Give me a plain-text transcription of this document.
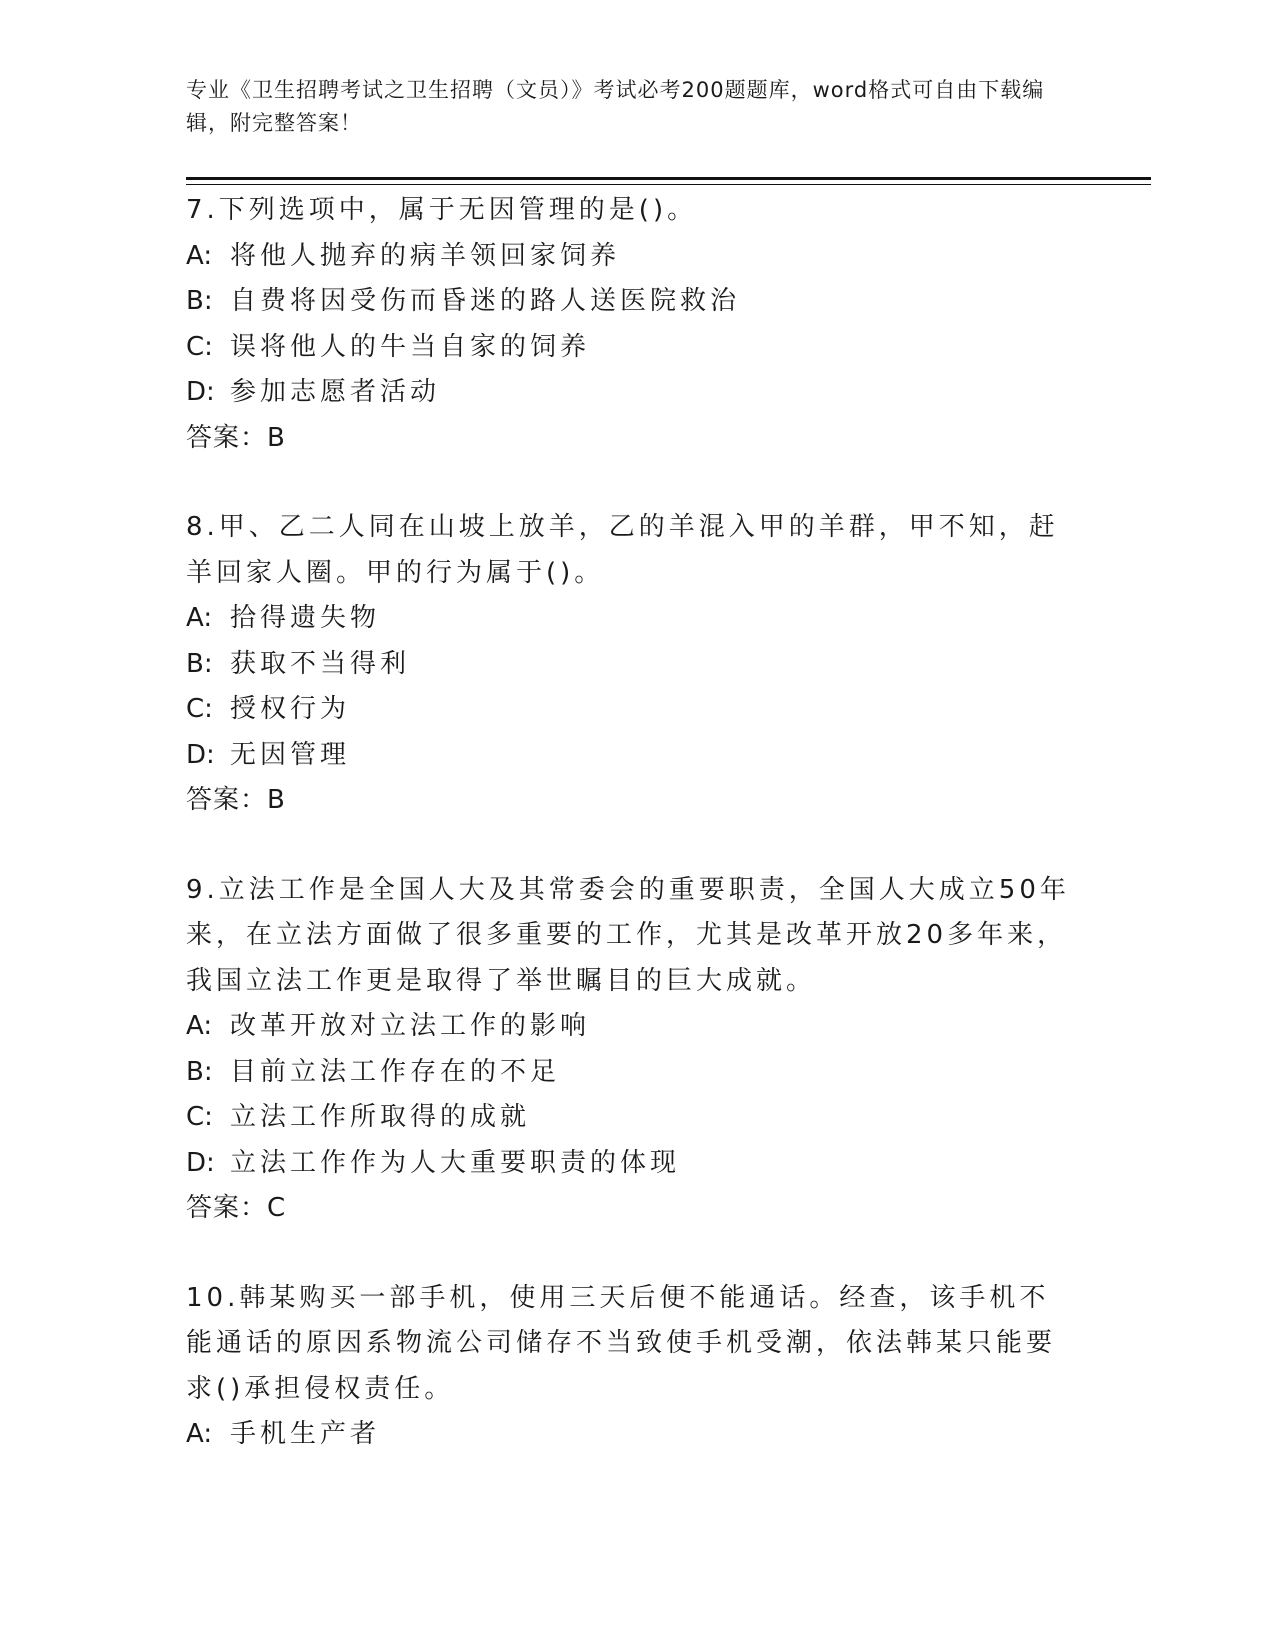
专业《卫生招聘考试之卫生招聘（文员）》考试必考200题题库，word格式可自由下载编辑，附完整答案！

7.下列选项中，属于无因管理的是()。

A: 将他人抛弃的病羊领回家饲养

B: 自费将因受伤而昏迷的路人送医院救治

C: 误将他人的牛当自家的饲养

D: 参加志愿者活动

答案：B

8.甲、乙二人同在山坡上放羊，乙的羊混入甲的羊群，甲不知，赶羊回家人圈。甲的行为属于()。

A: 拾得遗失物

B: 获取不当得利

C: 授权行为

D: 无因管理

答案：B

9.立法工作是全国人大及其常委会的重要职责，全国人大成立50年来，在立法方面做了很多重要的工作，尤其是改革开放20多年来，我国立法工作更是取得了举世瞩目的巨大成就。

A: 改革开放对立法工作的影响

B: 目前立法工作存在的不足

C: 立法工作所取得的成就

D: 立法工作作为人大重要职责的体现

答案：C

10.韩某购买一部手机，使用三天后便不能通话。经查，该手机不能通话的原因系物流公司储存不当致使手机受潮，依法韩某只能要求()承担侵权责任。

A: 手机生产者
